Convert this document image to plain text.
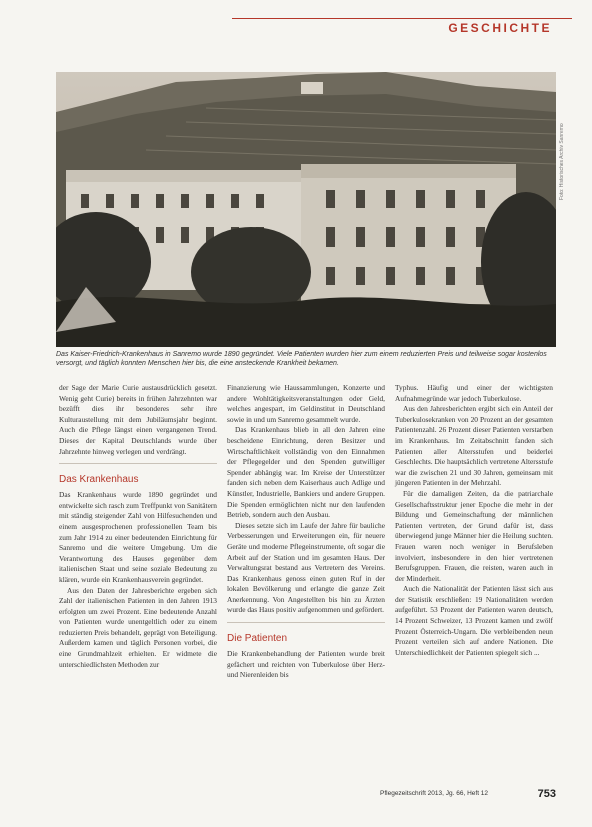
GESCHICHTE
Foto: Historisches Archiv Sanremo
Das Kaiser-Friedrich-Krankenhaus in Sanremo wurde 1890 gegründet. Viele Patienten wurden hier zum einem reduzierten Preis und teilweise sogar kostenlos versorgt, und täglich konnten Menschen hier bis, die eine ansteckende Krankheit bekamen.

der Sage der Marie Curie austausdrücklich gesetzt. Wenig geht Curie) bereits in frühen Jahrzehnten war bezüfft dies ihr besonderes sehr ihre Kulturaustellung mit dem Jubiläumsjahr beginnt. Auch die Pflege längst einen vergangenen Trend. Dieses der Kapital Deutschlands wurde über Jahrzehnte hinweg verlegen und verdrängt.

Das Krankenhaus

Das Krankenhaus wurde 1890 gegründet und entwickelte sich rasch zum Treffpunkt von Sanitätern mit ständig steigender Zahl von Hilfesuchenden und einem ausgesprochenen professionellen Team bis zum Jahr 1914 zu einer bedeutenden Einrichtung für Sanremo und die weitere Umgebung. Um die Verantwortung des Hauses gegenüber dem italienischen Staat und seine soziale Bedeutung zu klären, wurde ein Krankenhausverein gegründet.

Aus den Daten der Jahresberichte ergeben sich Zahl der italienischen Patienten in den Jahren 1913 erfolgten um zwei Prozent. Eine bedeutende Anzahl von Patienten wurde unentgeltlich oder zu einem reduzierten Preis behandelt, geprägt von Beteiligung. Außerdem kamen und täglich Personen vorbei, die eine Grundmahlzeit erhielten. Er widmete die unterschiedlichsten Methoden zur

Finanzierung wie Haussammlungen, Konzerte und andere Wohltätigkeitsveranstaltungen oder Geld, welches angespart, im Geldinstitut in Deutschland sowie in und um Sanremo gesammelt wurde.

Das Krankenhaus blieb in all den Jahren eine bescheidene Einrichtung, deren Besitzer und Wirtschaftlichkeit vollständig von den Einnahmen der Pflegegelder und den Spenden gutwilliger Spender abhängig war. Im Kreise der Unterstützer fanden sich neben dem Kaiserhaus auch Adlige und Künstler, Industrielle, Bankiers und andere Gruppen. Die Spenden ermöglichten nicht nur den laufenden Betrieb, sondern auch den Ausbau.

Dieses setzte sich im Laufe der Jahre für bauliche Verbesserungen und Erweiterungen ein, für neuere Geräte und moderne Pflegeinstrumente, oft sogar die Arbeit auf der Station und im gesamten Haus. Der Verwaltungsrat bestand aus Vertretern des Vereins. Das Krankenhaus genoss einen guten Ruf in der lokalen Bevölkerung und erlangte die ganze Zeit Anerkennung. Von Angestellten bis hin zu Ärzten wurde das Haus positiv aufgenommen und gefördert.

Die Patienten

Die Krankenbehandlung der Patienten wurde breit gefächert und reichten von Tuberkulose über Herz- und Nierenleiden bis

Typhus. Häufig und einer der wichtigsten Aufnahmegründe war jedoch Tuberkulose.

Aus den Jahresberichten ergibt sich ein Anteil der Tuberkulosekranken von 20 Prozent an der gesamten Patientenzahl. 26 Prozent dieser Patienten verstarben im Krankenhaus. Im Zeitabschnitt fanden sich Patienten aller Altersstufen und beiderlei Geschlechts. Die hauptsächlich vertretene Altersstufe war die zwischen 21 und 30 Jahren, gemeinsam mit jüngeren Patienten in der Mehrzahl.

Für die damaligen Zeiten, da die patriarchale Gesellschaftsstruktur jener Epoche die mehr in der Bildung und Gemeinschaftung der männlichen Patienten vertreten, der Grund dafür ist, dass überwiegend junge Männer hier die Heilung suchten. Frauen waren noch weniger in Berufsleben involviert, insbesondere in den hier vertretenen Berufsgruppen. Frauen, die reisten, waren auch in der Minderheit.

Auch die Nationalität der Patienten lässt sich aus der Statistik erschließen: 19 Nationalitäten werden aufgeführt. 53 Prozent der Patienten waren deutsch, 14 Prozent Schweizer, 13 Prozent kamen und zwölf Prozent Österreich-Ungarn. Die verbleibenden neun Prozent verteilen sich auf andere Nationen. Die Unterschiedlichkeit der Patienten spiegelt sich ...

Pflegezeitschrift 2013, Jg. 66, Heft 12	753
